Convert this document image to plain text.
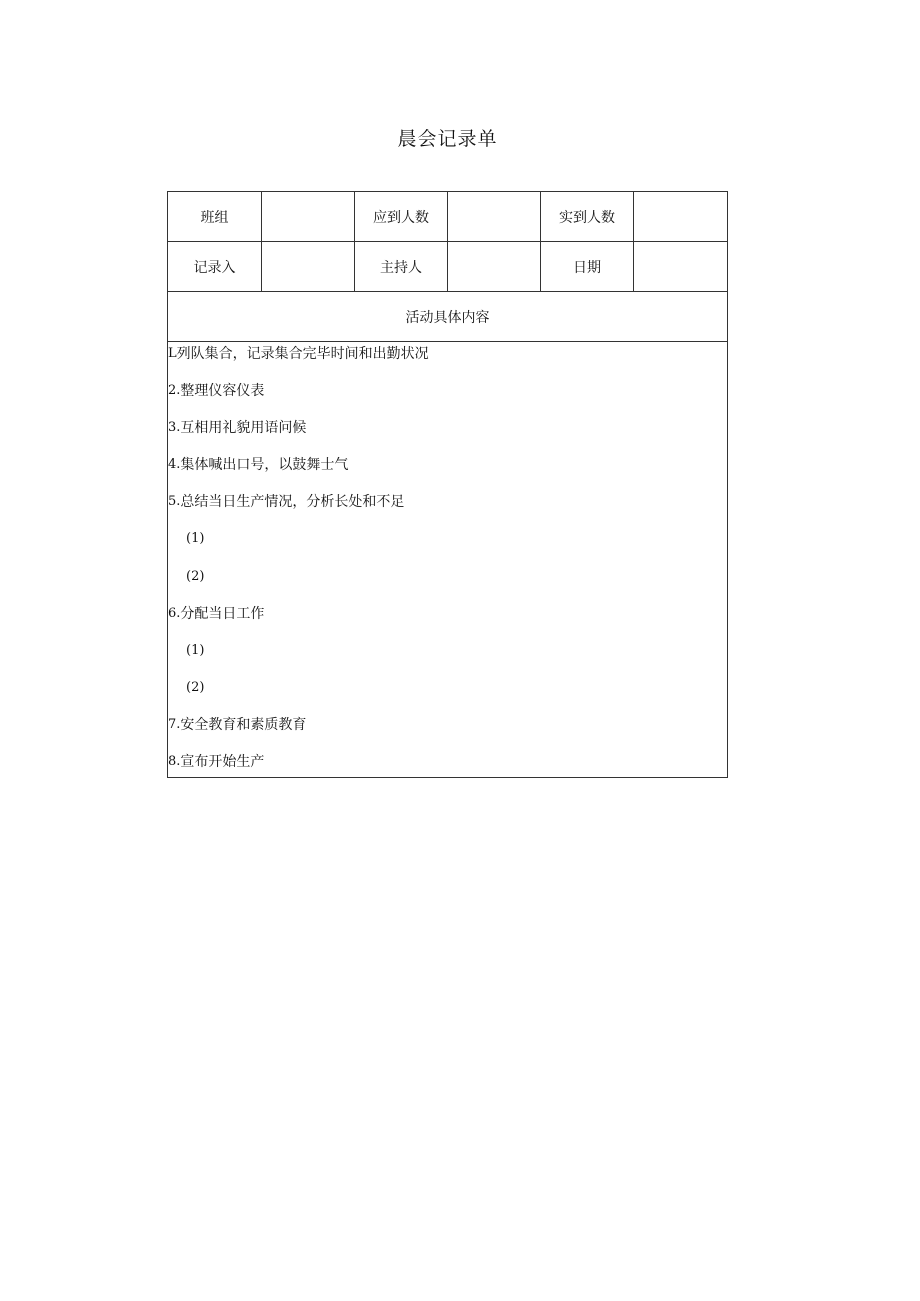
晨会记录单
班组	应到人数	实到人数
记录入	主持人	日期
活动具体内容
L 列队集合，记录集合完毕时间和出勤状况
2. 整理仪容仪表
3. 互相用礼貌用语问候
4. 集体喊出口号，以鼓舞士气
5. 总结当日生产情况，分析长处和不足
(1)
(2)
6. 分配当日工作
(1)
(2)
7. 安全教育和素质教育
8. 宣布开始生产
